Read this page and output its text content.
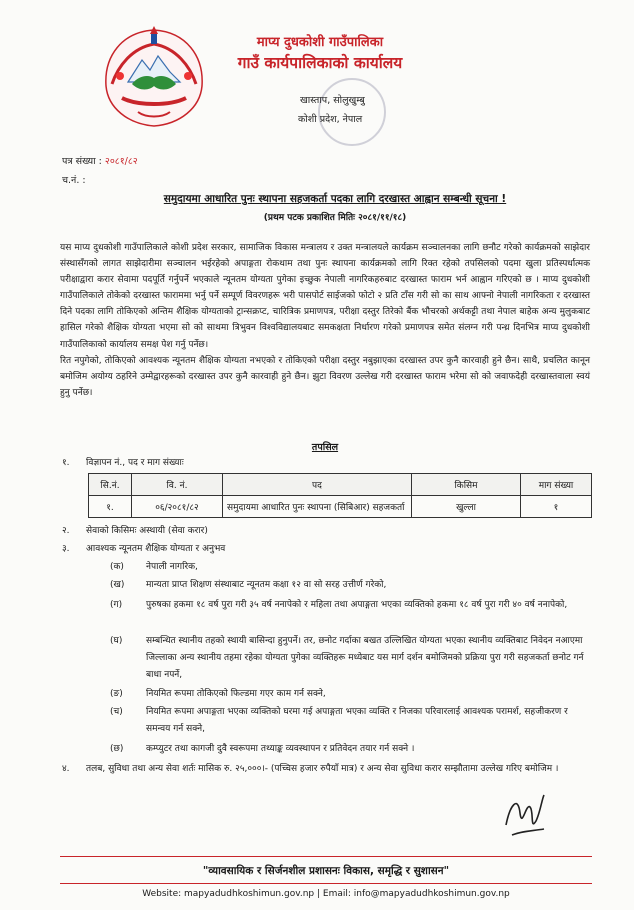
माप्य दुधकोशी गाउँपालिका
गाउँ कार्यपालिकाको कार्यालय
खास्ताप, सोलुखुम्बु
कोशी प्रदेश, नेपाल
पत्र संख्या : २०८१/८२
च.नं. :
समुदायमा आधारित पुनः स्थापना सहजकर्ता पदका लागि दरखास्त आह्वान सम्बन्धी सूचना !
(प्रथम पटक प्रकाशित मितिः २०८१/११/१८)

यस माप्य दुधकोशी गाउँपालिकाले कोशी प्रदेश सरकार, सामाजिक विकास मन्त्रालय र उक्त मन्त्रालयले कार्यक्रम सञ्चालनका लागि छनौट गरेको कार्यक्रमको साझेदार संस्थासँगको लागत साझेदारीमा सञ्चालन भईरहेको अपाङ्गता रोकथाम तथा पुनः स्थापना कार्यक्रमको लागि रिक्त रहेको तपसिलको पदमा खुला प्रतिस्पर्धात्मक परीक्षाद्वारा करार सेवामा पदपूर्ति गर्नुपर्ने भएकाले न्यूनतम योग्यता पुगेका इच्छुक नेपाली नागरिकहरुबाट दरखास्त फाराम भर्न आह्वान गरिएको छ । माप्य दुधकोशी गाउँपालिकाले तोकेको दरखास्त फाराममा भर्नु पर्ने सम्पूर्ण विवरणहरू भरी पासपोर्ट साईजको फोटो २ प्रति टाँस गरी सो का साथ आफ्नो नेपाली नागरिकता र दरखास्त दिने पदका लागि तोकिएको अन्तिम शैक्षिक योग्यताको ट्रान्सक्रप्ट, चारित्रिक प्रमाणपत्र, परीक्षा दस्तुर तिरेको बैंक भौचरको अर्थकट्टी तथा नेपाल बाहेक अन्य मुलुकबाट हासिल गरेको शैक्षिक योग्यता भएमा सो को साथमा त्रिभुवन विश्वविद्यालयबाट समकक्षता निर्धारण गरेको प्रमाणपत्र समेत संलग्न गरी पन्ध्र दिनभित्र माप्य दुधकोशी गाउँपालिकाको कार्यालय समक्ष पेश गर्नु पर्नेछ।

रित नपुगेको, तोकिएको आवश्यक न्यूनतम शैक्षिक योग्यता नभएको र तोकिएको परीक्षा दस्तुर नबुझाएका दरखास्त उपर कुनै कारवाही हुने छैन। साथै, प्रचलित कानून बमोजिम अयोग्य ठहरिने उम्मेद्वारहरूको दरखास्त उपर कुनै कारवाही हुने छैन। झुटा विवरण उल्लेख गरी दरखास्त फाराम भरेमा सो को जवाफदेही दरखास्तवाला स्वयं हुनु पर्नेछ।

तपसिल
१.	विज्ञापन नं., पद र माग संख्याः
सि.नं.	वि. नं.	पद	किसिम	माग संख्या
१.	०६/२०८१/८२	समुदायमा आधारित पुनः स्थापना (सिबिआर) सहजकर्ता	खुल्ला	१
२.	सेवाको किसिमः अस्थायी (सेवा करार)
३.	आवश्यक न्यूनतम शैक्षिक योग्यता र अनुभव
(क)	नेपाली नागरिक,
(ख)	मान्यता प्राप्त शिक्षण संस्थाबाट न्यूनतम कक्षा १२ वा सो सरह उत्तीर्ण गरेको,
(ग)	पुरुषका हकमा १८ वर्ष पुरा गरी ३५ वर्ष ननापेको र महिला तथा अपाङ्गता भएका व्यक्तिको हकमा १८ वर्ष पुरा गरी ४० वर्ष ननापेको,
(घ)	सम्बन्धित स्थानीय तहको स्थायी बासिन्दा हुनुपर्ने। तर, छनोट गर्दाका बखत उल्लिखित योग्यता भएका स्थानीय व्यक्तिबाट निवेदन नआएमा जिल्लाका अन्य स्थानीय तहमा रहेका योग्यता पुगेका व्यक्तिहरू मध्येबाट यस मार्ग दर्शन बमोजिमको प्रक्रिया पुरा गरी सहजकर्ता छनोट गर्न बाधा नपर्ने,
(ङ)	नियमित रूपमा तोकिएको फिल्डमा गएर काम गर्न सक्ने,
(च)	नियमित रूपमा अपाङ्गता भएका व्यक्तिको घरमा गई अपाङ्गता भएका व्यक्ति र निजका परिवारलाई आवश्यक परामर्श, सहजीकरण र समन्वय गर्न सक्ने,
(छ)	कम्प्युटर तथा कागजी दुवै स्वरूपमा तथ्याङ्क व्यवस्थापन र प्रतिवेदन तयार गर्न सक्ने ।
४.	तलब, सुविधा तथा अन्य सेवा शर्तः मासिक रु. २५,०००।- (पच्चिस हजार रुपैयाँ मात्र) र अन्य सेवा सुविधा करार सम्झौतामा उल्लेख गरिए बमोजिम ।
"व्यावसायिक र सिर्जनशील प्रशासनः विकास, समृद्धि र सुशासन"
Website: mapyadudhkoshimun.gov.np | Email: info@mapyadudhkoshimun.gov.np
